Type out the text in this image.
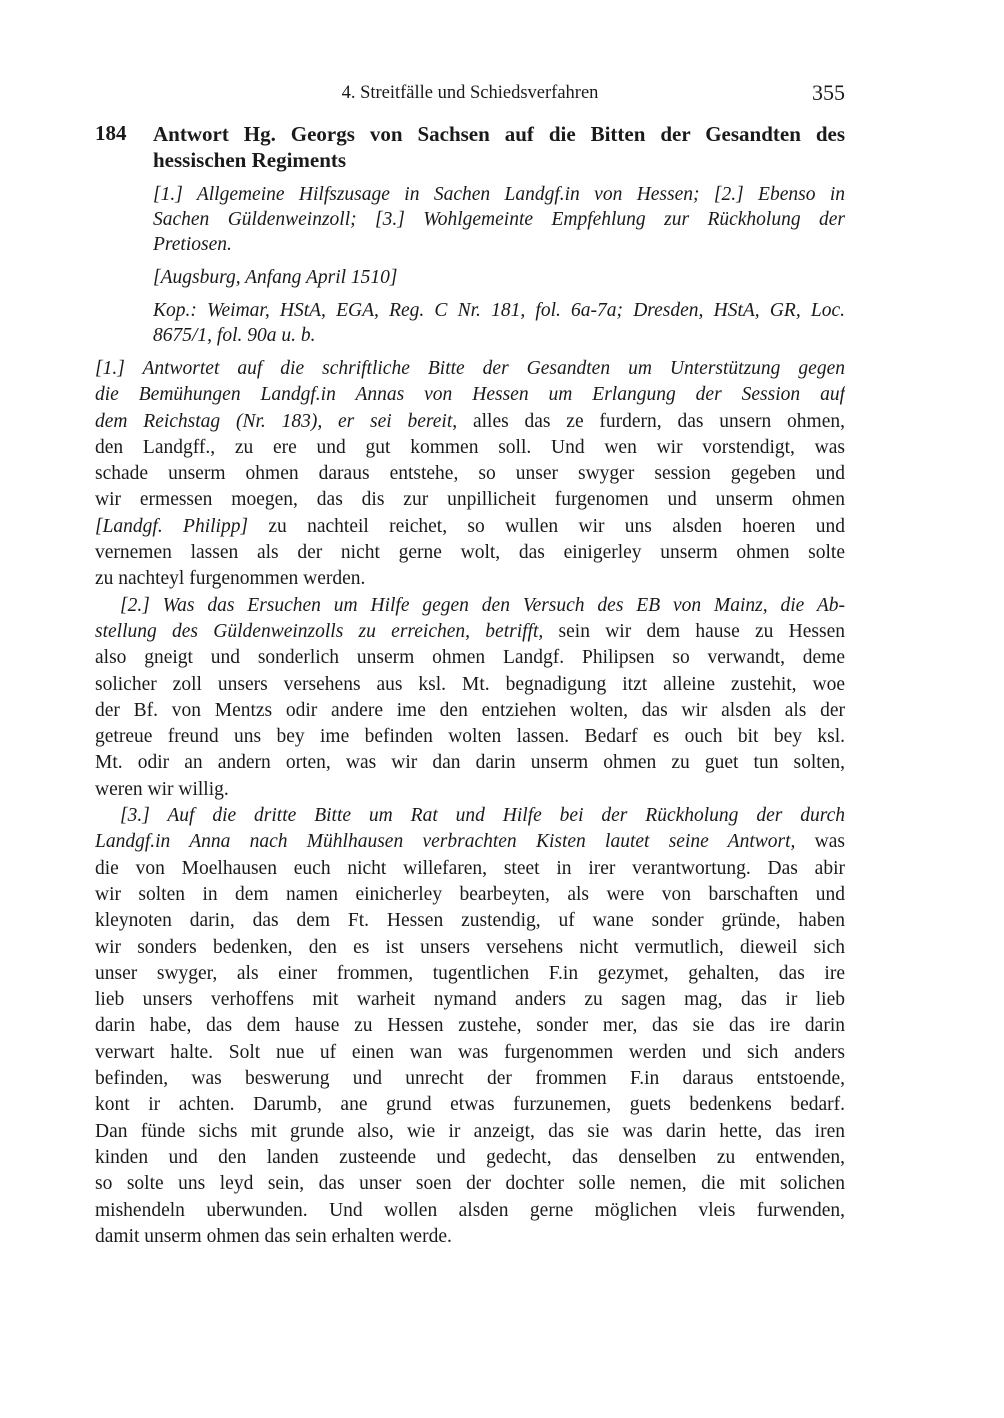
4. Streitfälle und Schiedsverfahren	355
184 Antwort Hg. Georgs von Sachsen auf die Bitten der Gesandten des
hessischen Regiments
[1.] Allgemeine Hilfszusage in Sachen Landgf.in von Hessen; [2.] Ebenso in
Sachen Güldenweinzoll; [3.] Wohlgemeinte Empfehlung zur Rückholung der
Pretiosen.
[Augsburg, Anfang April 1510]
Kop.: Weimar, HStA, EGA, Reg. C Nr. 181, fol. 6a-7a; Dresden, HStA, GR, Loc.
8675/1, fol. 90a u. b.
[1.] Antwortet auf die schriftliche Bitte der Gesandten um Unterstützung gegen
die Bemühungen Landgf.in Annas von Hessen um Erlangung der Session auf
dem Reichstag (Nr. 183), er sei bereit, alles das ze furdern, das unsern ohmen,
den Landgff., zu ere und gut kommen soll. Und wen wir vorstendigt, was
schade unserm ohmen daraus entstehe, so unser swyger session gegeben und
wir ermessen moegen, das dis zur unpillicheit furgenomen und unserm ohmen
[Landgf. Philipp] zu nachteil reichet, so wullen wir uns alsden hoeren und
vernemen lassen als der nicht gerne wolt, das einigerley unserm ohmen solte
zu nachteyl furgenommen werden.
[2.] Was das Ersuchen um Hilfe gegen den Versuch des EB von Mainz, die Ab-
stellung des Güldenweinzolls zu erreichen, betrifft, sein wir dem hause zu Hessen
also gneigt und sonderlich unserm ohmen Landgf. Philipsen so verwandt, deme
solicher zoll unsers versehens aus ksl. Mt. begnadigung itzt alleine zustehit, woe
der Bf. von Mentzs odir andere ime den entziehen wolten, das wir alsden als der
getreue freund uns bey ime befinden wolten lassen. Bedarf es ouch bit bey ksl.
Mt. odir an andern orten, was wir dan darin unserm ohmen zu guet tun solten,
weren wir willig.
[3.] Auf die dritte Bitte um Rat und Hilfe bei der Rückholung der durch
Landgf.in Anna nach Mühlhausen verbrachten Kisten lautet seine Antwort, was
die von Moelhausen euch nicht willefaren, steet in irer verantwortung. Das abir
wir solten in dem namen einicherley bearbeyten, als were von barschaften und
kleynoten darin, das dem Ft. Hessen zustendig, uf wane sonder gründe, haben
wir sonders bedenken, den es ist unsers versehens nicht vermutlich, dieweil sich
unser swyger, als einer frommen, tugentlichen F.in gezymet, gehalten, das ire
lieb unsers verhoffens mit warheit nymand anders zu sagen mag, das ir lieb
darin habe, das dem hause zu Hessen zustehe, sonder mer, das sie das ire darin
verwart halte. Solt nue uf einen wan was furgenommen werden und sich anders
befinden, was beswerung und unrecht der frommen F.in daraus entstoende,
kont ir achten. Darumb, ane grund etwas furzunemen, guets bedenkens bedarf.
Dan fünde sichs mit grunde also, wie ir anzeigt, das sie was darin hette, das iren
kinden und den landen zusteende und gedecht, das denselben zu entwenden,
so solte uns leyd sein, das unser soen der dochter solle nemen, die mit solichen
mishendeln uberwunden. Und wollen alsden gerne möglichen vleis furwenden,
damit unserm ohmen das sein erhalten werde.
